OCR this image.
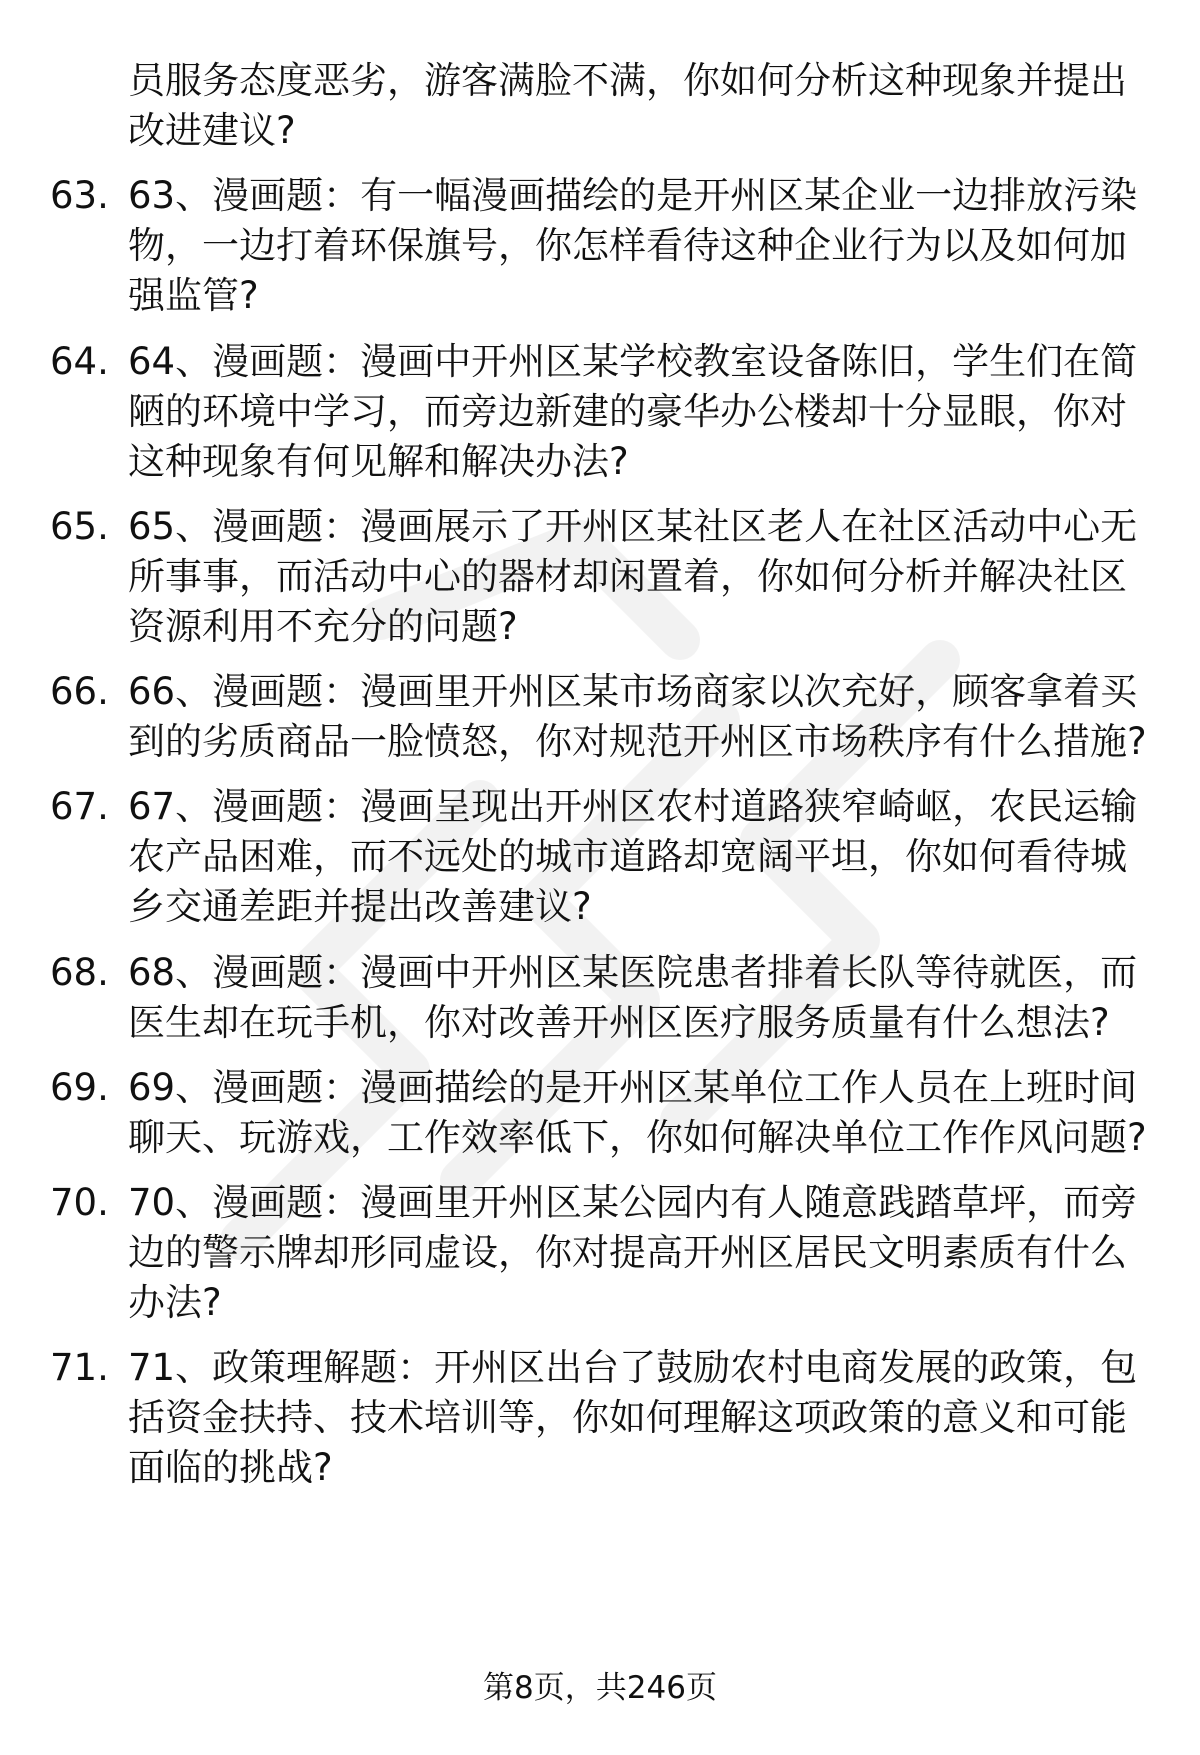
员服务态度恶劣，游客满脸不满，你如何分析这种现象并提出改进建议?
63. 63、漫画题：有一幅漫画描绘的是开州区某企业一边排放污染物，一边打着环保旗号，你怎样看待这种企业行为以及如何加强监管?
64. 64、漫画题：漫画中开州区某学校教室设备陈旧，学生们在简陋的环境中学习，而旁边新建的豪华办公楼却十分显眼，你对这种现象有何见解和解决办法?
65. 65、漫画题：漫画展示了开州区某社区老人在社区活动中心无所事事，而活动中心的器材却闲置着，你如何分析并解决社区资源利用不充分的问题?
66. 66、漫画题：漫画里开州区某市场商家以次充好，顾客拿着买到的劣质商品一脸愤怒，你对规范开州区市场秩序有什么措施?
67. 67、漫画题：漫画呈现出开州区农村道路狭窄崎岖，农民运输农产品困难，而不远处的城市道路却宽阔平坦，你如何看待城乡交通差距并提出改善建议?
68. 68、漫画题：漫画中开州区某医院患者排着长队等待就医，而医生却在玩手机，你对改善开州区医疗服务质量有什么想法?
69. 69、漫画题：漫画描绘的是开州区某单位工作人员在上班时间聊天、玩游戏，工作效率低下，你如何解决单位工作作风问题?
70. 70、漫画题：漫画里开州区某公园内有人随意践踏草坪，而旁边的警示牌却形同虚设，你对提高开州区居民文明素质有什么办法?
71. 71、政策理解题：开州区出台了鼓励农村电商发展的政策，包括资金扶持、技术培训等，你如何理解这项政策的意义和可能面临的挑战?
第8页，共246页
